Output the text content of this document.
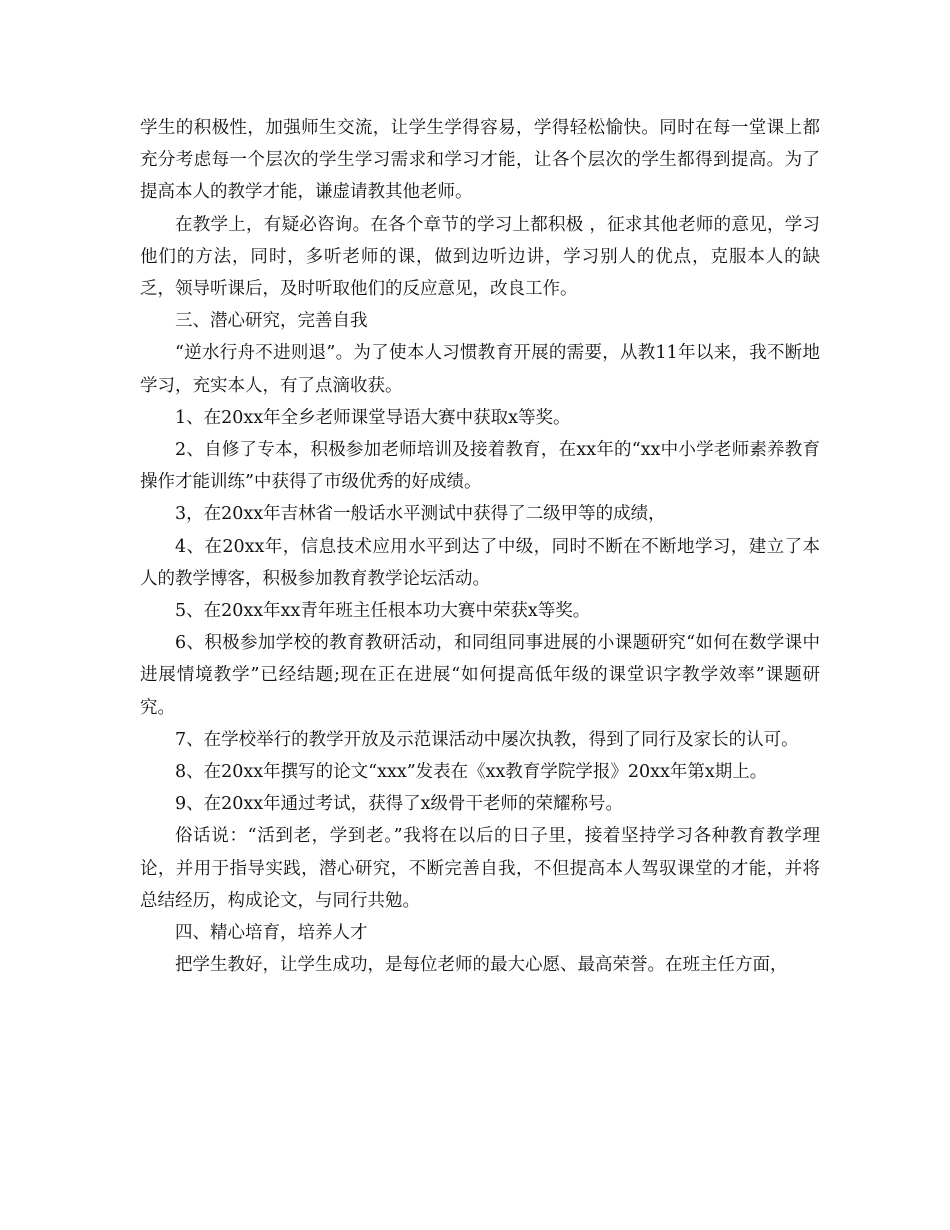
学生的积极性，加强师生交流，让学生学得容易，学得轻松愉快。同时在每一堂课上都充分考虑每一个层次的学生学习需求和学习才能，让各个层次的学生都得到提高。为了提高本人的教学才能，谦虚请教其他老师。

在教学上，有疑必咨询。在各个章节的学习上都积极 ，征求其他老师的意见，学习他们的方法，同时，多听老师的课，做到边听边讲，学习别人的优点，克服本人的缺乏，领导听课后，及时听取他们的反应意见，改良工作。

三、潜心研究，完善自我

“逆水行舟不进则退”。为了使本人习惯教育开展的需要，从教11年以来，我不断地学习，充实本人，有了点滴收获。

1、在20xx年全乡老师课堂导语大赛中获取x等奖。

2、自修了专本，积极参加老师培训及接着教育，在xx年的“xx中小学老师素养教育操作才能训练”中获得了市级优秀的好成绩。

3，在20xx年吉林省一般话水平测试中获得了二级甲等的成绩，

4、在20xx年，信息技术应用水平到达了中级，同时不断在不断地学习，建立了本人的教学博客，积极参加教育教学论坛活动。

5、在20xx年xx青年班主任根本功大赛中荣获x等奖。

6、积极参加学校的教育教研活动，和同组同事进展的小课题研究“如何在数学课中进展情境教学”已经结题;现在正在进展“如何提高低年级的课堂识字教学效率”课题研究。

7、在学校举行的教学开放及示范课活动中屡次执教，得到了同行及家长的认可。

8、在20xx年撰写的论文“xxx”发表在《xx教育学院学报》20xx年第x期上。

9、在20xx年通过考试，获得了x级骨干老师的荣耀称号。

俗话说：“活到老，学到老。”我将在以后的日子里，接着坚持学习各种教育教学理论，并用于指导实践，潜心研究，不断完善自我，不但提高本人驾驭课堂的才能，并将总结经历，构成论文，与同行共勉。

四、精心培育，培养人才

把学生教好，让学生成功，是每位老师的最大心愿、最高荣誉。在班主任方面，
